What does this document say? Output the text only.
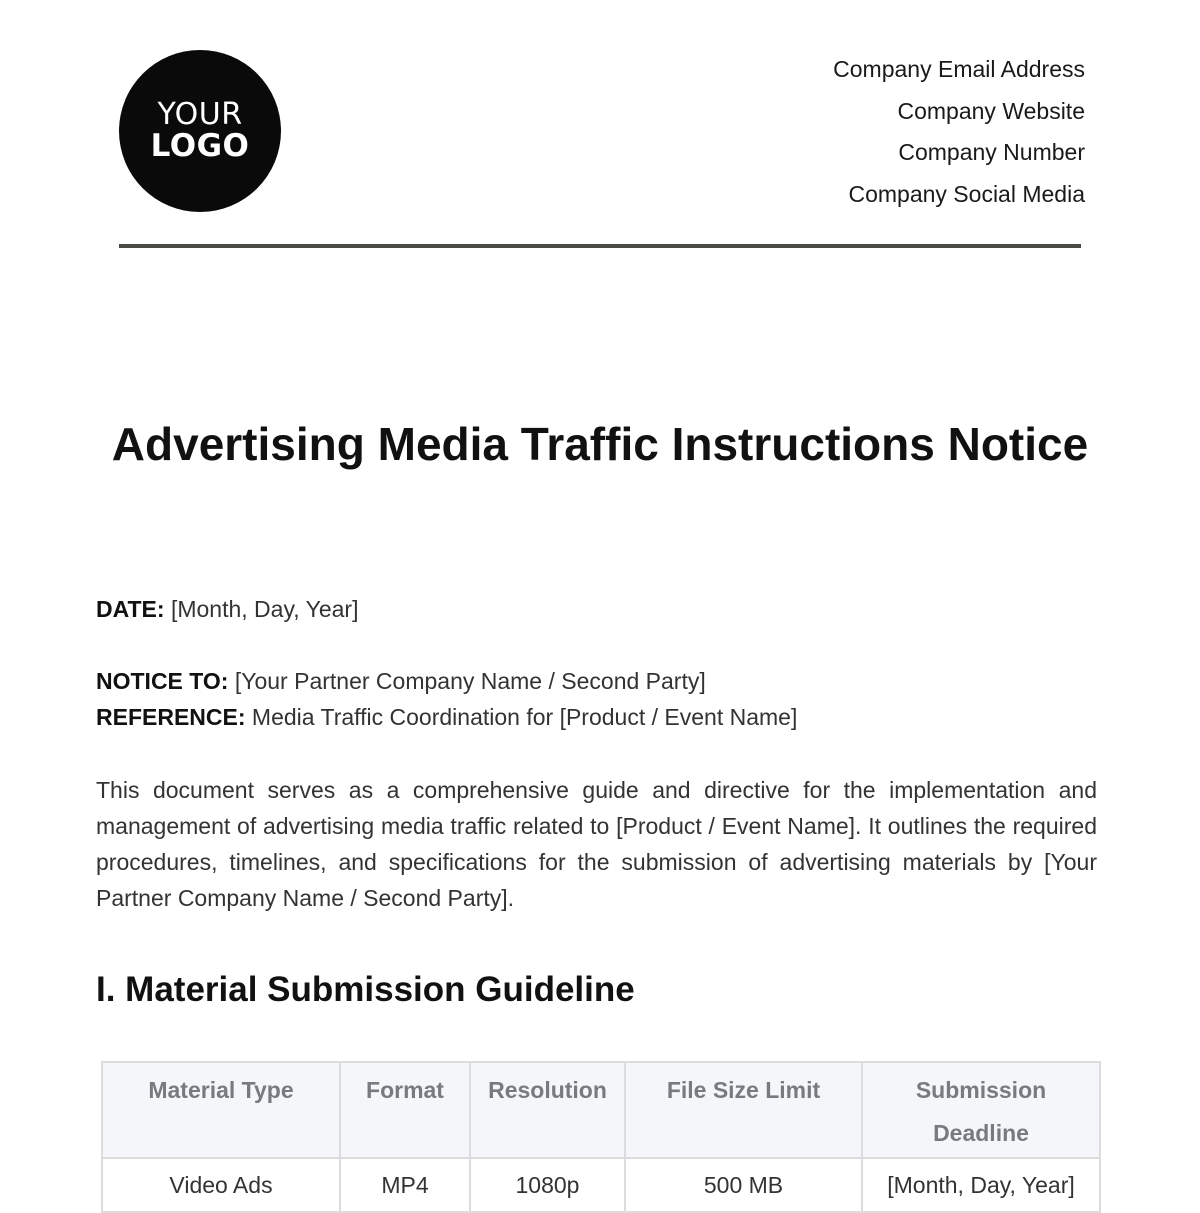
YOUR
LOGO
Company Email Address
Company Website
Company Number
Company Social Media
Advertising Media Traffic Instructions Notice
DATE: [Month, Day, Year]
NOTICE TO: [Your Partner Company Name / Second Party]
REFERENCE: Media Traffic Coordination for [Product / Event Name]
This document serves as a comprehensive guide and directive for the implementation and management of advertising media traffic related to [Product / Event Name]. It outlines the required procedures, timelines, and specifications for the submission of advertising materials by [Your Partner Company Name / Second Party].
I. Material Submission Guideline
Material Type	Format	Resolution	File Size Limit	Submission Deadline
Video Ads	MP4	1080p	500 MB	[Month, Day, Year]
